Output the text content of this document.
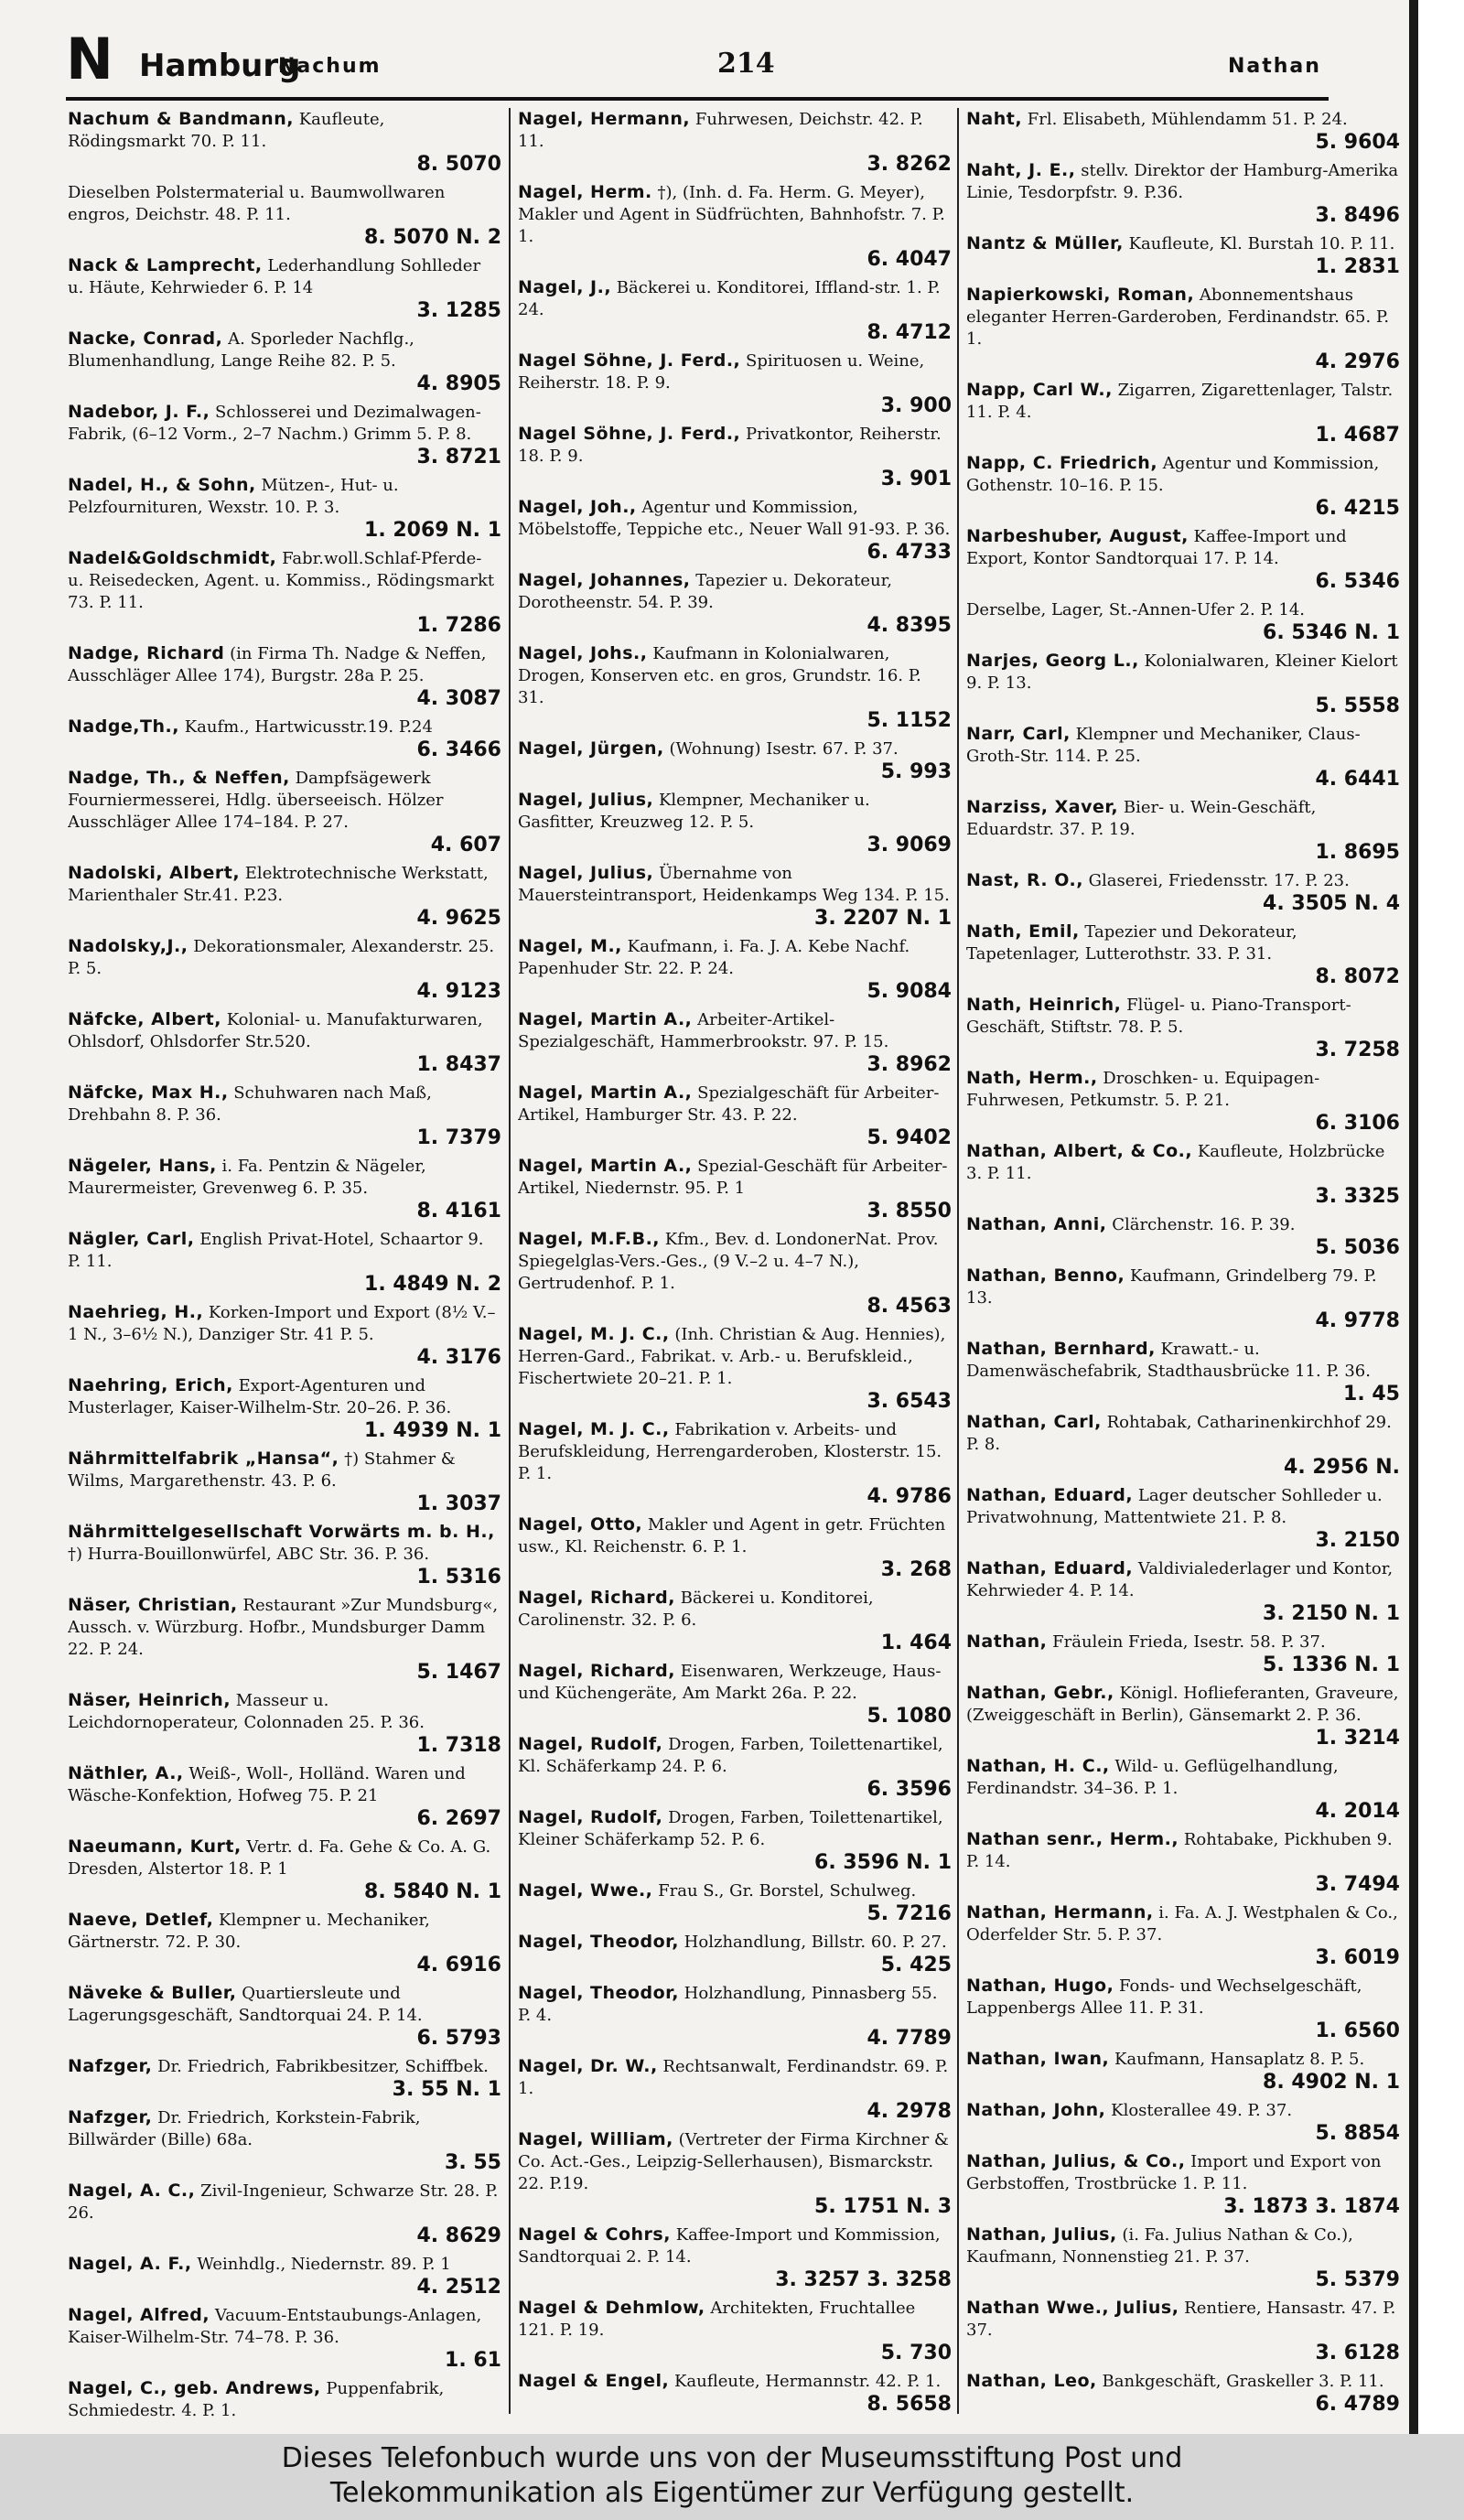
N Hamburg
Nachum	214	Nathan
Nachum & Bandmann, Kaufleute, Rödingsmarkt 70. P. 11.
8. 5070
Dieselben Polstermaterial u. Baumwollwaren engros, Deichstr. 48. P. 11.
8. 5070 N. 2
Nack & Lamprecht, Lederhandlung Sohlleder u. Häute, Kehrwieder 6. P. 14
3. 1285
Nacke, Conrad, A. Sporleder Nachflg., Blumenhandlung, Lange Reihe 82. P. 5.
4. 8905
Nadebor, J. F., Schlosserei und Dezimalwagen-Fabrik, (6–12 Vorm., 2–7 Nachm.) Grimm 5. P. 8.
3. 8721
Nadel, H., & Sohn, Mützen-, Hut- u. Pelzfournituren, Wexstr. 10. P. 3.
1. 2069 N. 1
Nadel&Goldschmidt, Fabr.woll.Schlaf-Pferde- u. Reisedecken, Agent. u. Kommiss., Rödingsmarkt 73. P. 11.
1. 7286
Nadge, Richard (in Firma Th. Nadge & Neffen, Ausschläger Allee 174), Burgstr. 28a P. 25.
4. 3087
Nadge,Th., Kaufm., Hartwicusstr.19. P.24
6. 3466
Nadge, Th., & Neffen, Dampfsägewerk Fourniermesserei, Hdlg. überseeisch. Hölzer Ausschläger Allee 174–184. P. 27.
4. 607
Nadolski, Albert, Elektrotechnische Werkstatt, Marienthaler Str.41. P.23.
4. 9625
Nadolsky,J., Dekorationsmaler, Alexanderstr. 25. P. 5.
4. 9123
Näfcke, Albert, Kolonial- u. Manufakturwaren, Ohlsdorf, Ohlsdorfer Str.520.
1. 8437
Näfcke, Max H., Schuhwaren nach Maß, Drehbahn 8. P. 36.
1. 7379
Nägeler, Hans, i. Fa. Pentzin & Nägeler, Maurermeister, Grevenweg 6. P. 35.
8. 4161
Nägler, Carl, English Privat-Hotel, Schaartor 9. P. 11.
1. 4849 N. 2
Naehrieg, H., Korken-Import und Export (8½ V.–1 N., 3–6½ N.), Danziger Str. 41 P. 5.
4. 3176
Naehring, Erich, Export-Agenturen und Musterlager, Kaiser-Wilhelm-Str. 20–26. P. 36.
1. 4939 N. 1
Nährmittelfabrik „Hansa“, †) Stahmer & Wilms, Margarethenstr. 43. P. 6.
1. 3037
Nährmittelgesellschaft Vorwärts m. b. H., †) Hurra-Bouillonwürfel, ABC Str. 36. P. 36.
1. 5316
Näser, Christian, Restaurant »Zur Mundsburg«, Aussch. v. Würzburg. Hofbr., Mundsburger Damm 22. P. 24.
5. 1467
Näser, Heinrich, Masseur u. Leichdornoperateur, Colonnaden 25. P. 36.
1. 7318
Näthler, A., Weiß-, Woll-, Holländ. Waren und Wäsche-Konfektion, Hofweg 75. P. 21
6. 2697
Naeumann, Kurt, Vertr. d. Fa. Gehe & Co. A. G. Dresden, Alstertor 18. P. 1
8. 5840 N. 1
Naeve, Detlef, Klempner u. Mechaniker, Gärtnerstr. 72. P. 30.
4. 6916
Näveke & Buller, Quartiersleute und Lagerungsgeschäft, Sandtorquai 24. P. 14.
6. 5793
Nafzger, Dr. Friedrich, Fabrikbesitzer, Schiffbek.
3. 55 N. 1
Nafzger, Dr. Friedrich, Korkstein-Fabrik, Billwärder (Bille) 68a.
3. 55
Nagel, A. C., Zivil-Ingenieur, Schwarze Str. 28. P. 26.
4. 8629
Nagel, A. F., Weinhdlg., Niedernstr. 89. P. 1
4. 2512
Nagel, Alfred, Vacuum-Entstaubungs-Anlagen, Kaiser-Wilhelm-Str. 74–78. P. 36.
1. 61
Nagel, C., geb. Andrews, Puppenfabrik, Schmiedestr. 4. P. 1.
Nagel, Hermann, Fuhrwesen, Deichstr. 42. P. 11.
3. 8262
Nagel, Herm. †), (Inh. d. Fa. Herm. G. Meyer), Makler und Agent in Südfrüchten, Bahnhofstr. 7. P. 1.
6. 4047
Nagel, J., Bäckerei u. Konditorei, Iffland-str. 1. P. 24.
8. 4712
Nagel Söhne, J. Ferd., Spirituosen u. Weine, Reiherstr. 18. P. 9.
3. 900
Nagel Söhne, J. Ferd., Privatkontor, Reiherstr. 18. P. 9.
3. 901
Nagel, Joh., Agentur und Kommission, Möbelstoffe, Teppiche etc., Neuer Wall 91-93. P. 36.
6. 4733
Nagel, Johannes, Tapezier u. Dekorateur, Dorotheenstr. 54. P. 39.
4. 8395
Nagel, Johs., Kaufmann in Kolonialwaren, Drogen, Konserven etc. en gros, Grundstr. 16. P. 31.
5. 1152
Nagel, Jürgen, (Wohnung) Isestr. 67. P. 37.
5. 993
Nagel, Julius, Klempner, Mechaniker u. Gasfitter, Kreuzweg 12. P. 5.
3. 9069
Nagel, Julius, Übernahme von Mauersteintransport, Heidenkamps Weg 134. P. 15.
3. 2207 N. 1
Nagel, M., Kaufmann, i. Fa. J. A. Kebe Nachf. Papenhuder Str. 22. P. 24.
5. 9084
Nagel, Martin A., Arbeiter-Artikel-Spezialgeschäft, Hammerbrookstr. 97. P. 15.
3. 8962
Nagel, Martin A., Spezialgeschäft für Arbeiter-Artikel, Hamburger Str. 43. P. 22.
5. 9402
Nagel, Martin A., Spezial-Geschäft für Arbeiter-Artikel, Niedernstr. 95. P. 1
3. 8550
Nagel, M.F.B., Kfm., Bev. d. LondonerNat. Prov. Spiegelglas-Vers.-Ges., (9 V.–2 u. 4–7 N.), Gertrudenhof. P. 1.
8. 4563
Nagel, M. J. C., (Inh. Christian & Aug. Hennies), Herren-Gard., Fabrikat. v. Arb.- u. Berufskleid., Fischertwiete 20–21. P. 1.
3. 6543
Nagel, M. J. C., Fabrikation v. Arbeits- und Berufskleidung, Herrengarderoben, Klosterstr. 15. P. 1.
4. 9786
Nagel, Otto, Makler und Agent in getr. Früchten usw., Kl. Reichenstr. 6. P. 1.
3. 268
Nagel, Richard, Bäckerei u. Konditorei, Carolinenstr. 32. P. 6.
1. 464
Nagel, Richard, Eisenwaren, Werkzeuge, Haus- und Küchengeräte, Am Markt 26a. P. 22.
5. 1080
Nagel, Rudolf, Drogen, Farben, Toilettenartikel, Kl. Schäferkamp 24. P. 6.
6. 3596
Nagel, Rudolf, Drogen, Farben, Toilettenartikel, Kleiner Schäferkamp 52. P. 6.
6. 3596 N. 1
Nagel, Wwe., Frau S., Gr. Borstel, Schulweg.
5. 7216
Nagel, Theodor, Holzhandlung, Billstr. 60. P. 27.
5. 425
Nagel, Theodor, Holzhandlung, Pinnasberg 55. P. 4.
4. 7789
Nagel, Dr. W., Rechtsanwalt, Ferdinandstr. 69. P. 1.
4. 2978
Nagel, William, (Vertreter der Firma Kirchner & Co. Act.-Ges., Leipzig-Sellerhausen), Bismarckstr. 22. P.19.
5. 1751 N. 3
Nagel & Cohrs, Kaffee-Import und Kommission, Sandtorquai 2. P. 14.
3. 3257 3. 3258
Nagel & Dehmlow, Architekten, Fruchtallee 121. P. 19.
5. 730
Nagel & Engel, Kaufleute, Hermannstr. 42. P. 1.
8. 5658
Naht, Frl. Elisabeth, Mühlendamm 51. P. 24.
5. 9604
Naht, J. E., stellv. Direktor der Hamburg-Amerika Linie, Tesdorpfstr. 9. P.36.
3. 8496
Nantz & Müller, Kaufleute, Kl. Burstah 10. P. 11.
1. 2831
Napierkowski, Roman, Abonnementshaus eleganter Herren-Garderoben, Ferdinandstr. 65. P. 1.
4. 2976
Napp, Carl W., Zigarren, Zigarettenlager, Talstr. 11. P. 4.
1. 4687
Napp, C. Friedrich, Agentur und Kommission, Gothenstr. 10–16. P. 15.
6. 4215
Narbeshuber, August, Kaffee-Import und Export, Kontor Sandtorquai 17. P. 14.
6. 5346
Derselbe, Lager, St.-Annen-Ufer 2. P. 14.
6. 5346 N. 1
Narjes, Georg L., Kolonialwaren, Kleiner Kielort 9. P. 13.
5. 5558
Narr, Carl, Klempner und Mechaniker, Claus-Groth-Str. 114. P. 25.
4. 6441
Narziss, Xaver, Bier- u. Wein-Geschäft, Eduardstr. 37. P. 19.
1. 8695
Nast, R. O., Glaserei, Friedensstr. 17. P. 23.
4. 3505 N. 4
Nath, Emil, Tapezier und Dekorateur, Tapetenlager, Lutterothstr. 33. P. 31.
8. 8072
Nath, Heinrich, Flügel- u. Piano-Transport-Geschäft, Stiftstr. 78. P. 5.
3. 7258
Nath, Herm., Droschken- u. Equipagen-Fuhrwesen, Petkumstr. 5. P. 21.
6. 3106
Nathan, Albert, & Co., Kaufleute, Holzbrücke 3. P. 11.
3. 3325
Nathan, Anni, Clärchenstr. 16. P. 39.
5. 5036
Nathan, Benno, Kaufmann, Grindelberg 79. P. 13.
4. 9778
Nathan, Bernhard, Krawatt.- u. Damenwäschefabrik, Stadthausbrücke 11. P. 36.
1. 45
Nathan, Carl, Rohtabak, Catharinenkirchhof 29. P. 8.
4. 2956 N.
Nathan, Eduard, Lager deutscher Sohlleder u. Privatwohnung, Mattentwiete 21. P. 8.
3. 2150
Nathan, Eduard, Valdivialederlager und Kontor, Kehrwieder 4. P. 14.
3. 2150 N. 1
Nathan, Fräulein Frieda, Isestr. 58. P. 37.
5. 1336 N. 1
Nathan, Gebr., Königl. Hoflieferanten, Graveure, (Zweiggeschäft in Berlin), Gänsemarkt 2. P. 36.
1. 3214
Nathan, H. C., Wild- u. Geflügelhandlung, Ferdinandstr. 34–36. P. 1.
4. 2014
Nathan senr., Herm., Rohtabake, Pickhuben 9. P. 14.
3. 7494
Nathan, Hermann, i. Fa. A. J. Westphalen & Co., Oderfelder Str. 5. P. 37.
3. 6019
Nathan, Hugo, Fonds- und Wechselgeschäft, Lappenbergs Allee 11. P. 31.
1. 6560
Nathan, Iwan, Kaufmann, Hansaplatz 8. P. 5.
8. 4902 N. 1
Nathan, John, Klosterallee 49. P. 37.
5. 8854
Nathan, Julius, & Co., Import und Export von Gerbstoffen, Trostbrücke 1. P. 11.
3. 1873 3. 1874
Nathan, Julius, (i. Fa. Julius Nathan & Co.), Kaufmann, Nonnenstieg 21. P. 37.
5. 5379
Nathan Wwe., Julius, Rentiere, Hansastr. 47. P. 37.
3. 6128
Nathan, Leo, Bankgeschäft, Graskeller 3. P. 11.
6. 4789
Dieses Telefonbuch wurde uns von der Museumsstiftung Post und
Telekommunikation als Eigentümer zur Verfügung gestellt.
